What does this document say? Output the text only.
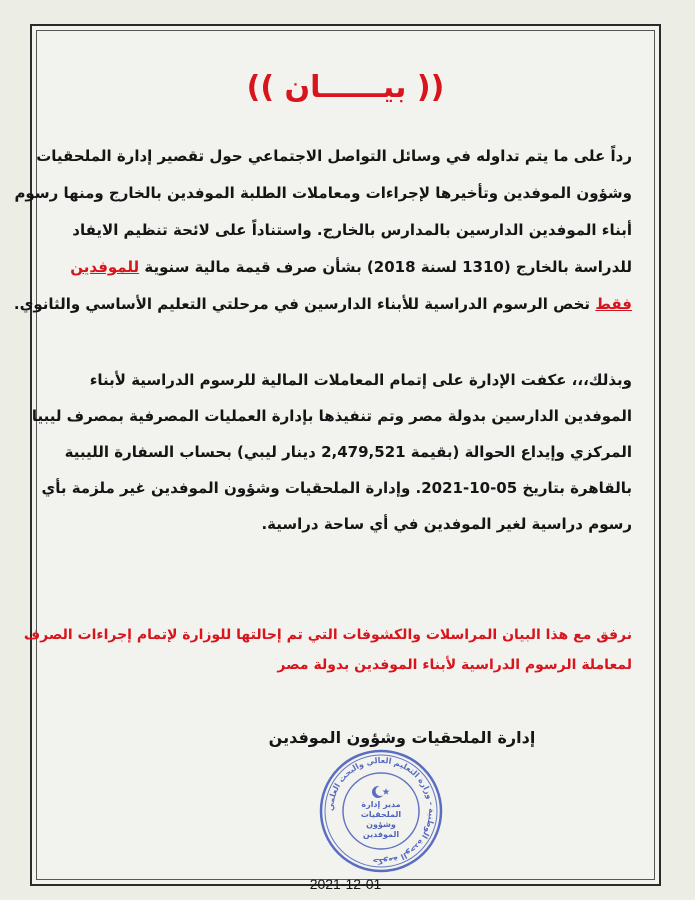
(( بيــــــان ))
رداً على ما يتم تداوله في وسائل التواصل الاجتماعي حول تقصير إدارة الملحقيات
وشؤون الموفدين وتأخيرها لإجراءات ومعاملات الطلبة الموفدين بالخارج ومنها رسوم
أبناء الموفدين الدارسين بالمدارس بالخارج. واستناداً على لائحة تنظيم الايفاد
للدراسة بالخارج (1310 لسنة 2018) بشأن صرف قيمة مالية سنوية للموفدين
فقط تخص الرسوم الدراسية للأبناء الدارسين في مرحلتي التعليم الأساسي والثانوي.
وبذلك،،، عكفت الإدارة على إتمام المعاملات المالية للرسوم الدراسية لأبناء
الموفدين الدارسين بدولة مصر وتم تنفيذها بإدارة العمليات المصرفية بمصرف ليبيا
المركزي وإيداع الحوالة (بقيمة 2,479,521 دينار ليبي) بحساب السفارة الليبية
بالقاهرة بتاريخ 05-10-2021. وإدارة الملحقيات وشؤون الموفدين غير ملزمة بأي
رسوم دراسية لغير الموفدين في أي ساحة دراسية.
نرفق مع هذا البيان المراسلات والكشوفات التي تم إحالتها للوزارة لإتمام إجراءات الصرف
لمعاملة الرسوم الدراسية لأبناء الموفدين بدولة مصر
إدارة الملحقيات وشؤون الموفدين
حكومة الوحدة الوطنية - وزارة التعليم العالي والبحث العلمي
مدير إدارة الملحقيات وشؤون الموفدين
2021-12-01
